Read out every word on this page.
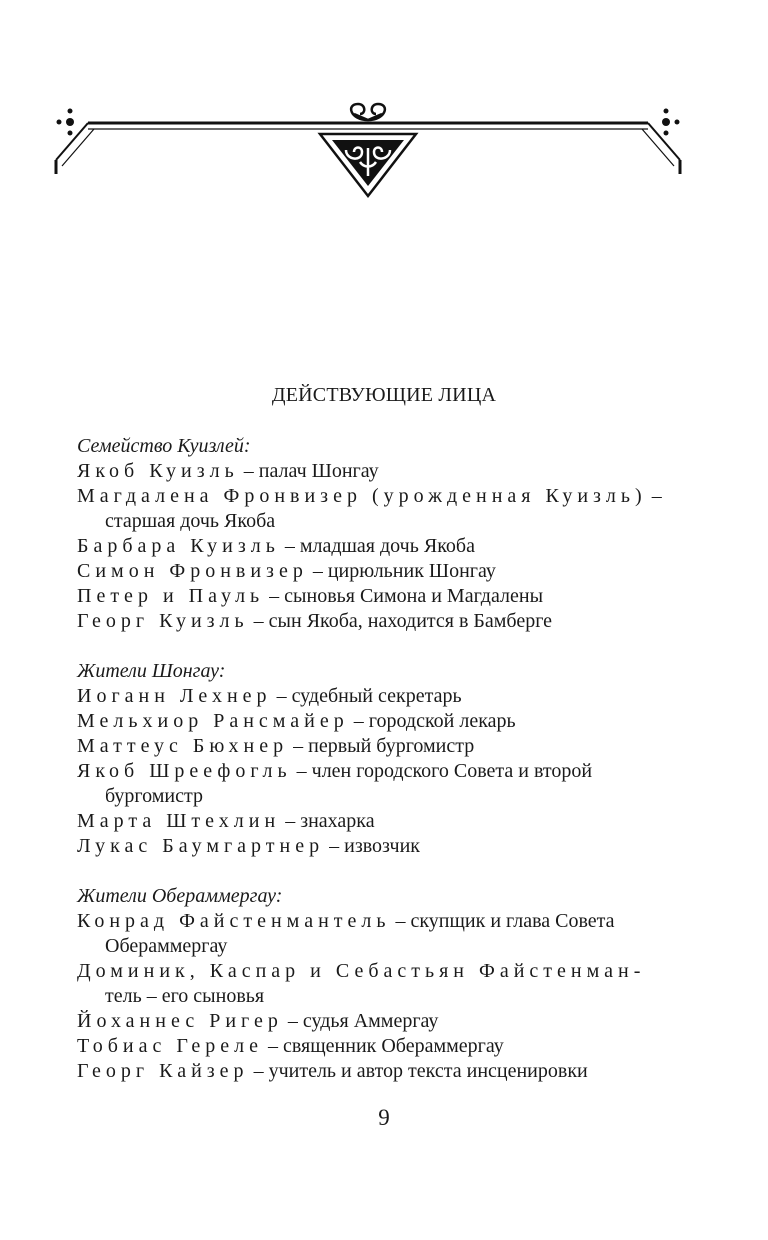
ДЕЙСТВУЮЩИЕ ЛИЦА
Семейство Куизлей:
Якоб Куизль – палач Шонгау
Магдалена Фронвизер (урожденная Куизль) –
старшая дочь Якоба
Барбара Куизль – младшая дочь Якоба
Симон Фронвизер – цирюльник Шонгау
Петер и Пауль – сыновья Симона и Магдалены
Георг Куизль – сын Якоба, находится в Бамберге
Жители Шонгау:
Иоганн Лехнер – судебный секретарь
Мельхиор Рансмайер – городской лекарь
Маттеус Бюхнер – первый бургомистр
Якоб Шреефогль – член городского Совета и второй
бургомистр
Марта Штехлин – знахарка
Лукас Баумгартнер – извозчик
Жители Обераммергау:
Конрад Файстенмантель – скупщик и глава Совета
Обераммергау
Доминик, Каспар и Себастьян Файстенман-
тель – его сыновья
Йоханнес Ригер – судья Аммергау
Тобиас Гереле – священник Обераммергау
Георг Кайзер – учитель и автор текста инсценировки
9
